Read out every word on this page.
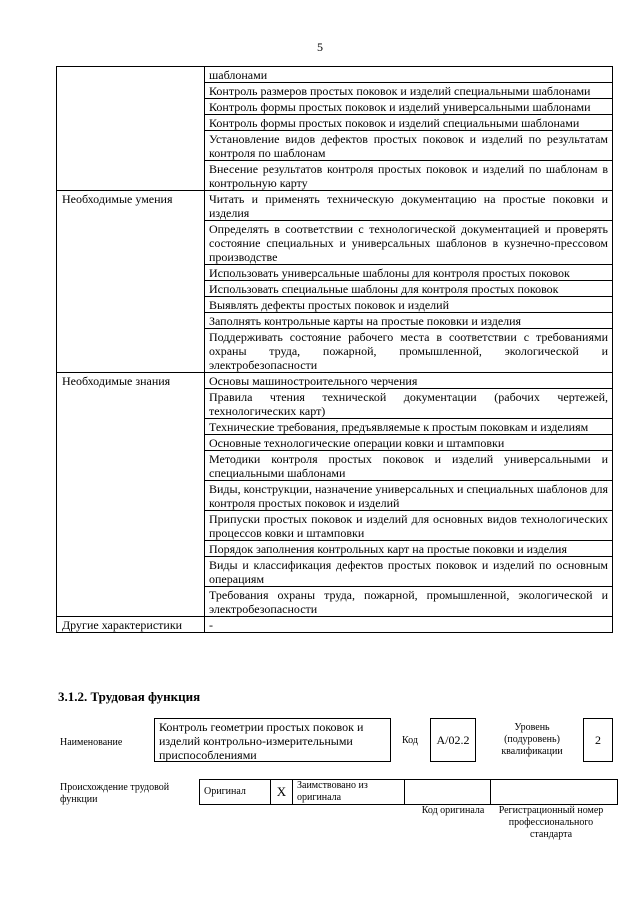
5
	шаблонами
	Контроль размеров простых поковок и изделий специальными шаблонами
	Контроль формы простых поковок и изделий универсальными шаблонами
	Контроль формы простых поковок и изделий специальными шаблонами
	Установление видов дефектов простых поковок и изделий по результатам контроля по шаблонам
	Внесение результатов контроля простых поковок и изделий по шаблонам в контрольную карту
Необходимые умения	Читать и применять техническую документацию на простые поковки и изделия
	Определять в соответствии с технологической документацией и проверять состояние специальных и универсальных шаблонов в кузнечно-прессовом производстве
	Использовать универсальные шаблоны для контроля простых поковок
	Использовать специальные шаблоны для контроля простых поковок
	Выявлять дефекты простых поковок и изделий
	Заполнять контрольные карты на простые поковки и изделия
	Поддерживать состояние рабочего места в соответствии с требованиями охраны труда, пожарной, промышленной, экологической и электробезопасности
Необходимые знания	Основы машиностроительного черчения
	Правила чтения технической документации (рабочих чертежей, технологических карт)
	Технические требования, предъявляемые к простым поковкам и изделиям
	Основные технологические операции ковки и штамповки
	Методики контроля простых поковок и изделий универсальными и специальными шаблонами
	Виды, конструкции, назначение универсальных и специальных шаблонов для контроля простых поковок и изделий
	Припуски простых поковок и изделий для основных видов технологических процессов ковки и штамповки
	Порядок заполнения контрольных карт на простые поковки и изделия
	Виды и классификация дефектов простых поковок и изделий по основным операциям
	Требования охраны труда, пожарной, промышленной, экологической и электробезопасности
Другие характеристики	-
3.1.2. Трудовая функция
Наименование
Контроль геометрии простых поковок и изделий контрольно-измерительными приспособлениями
Код	A/02.2
Уровень (подуровень) квалификации
2
Происхождение трудовой функции
Оригинал	X	Заимствовано из оригинала		
Код оригинала	Регистрационный номер профессионального стандарта
